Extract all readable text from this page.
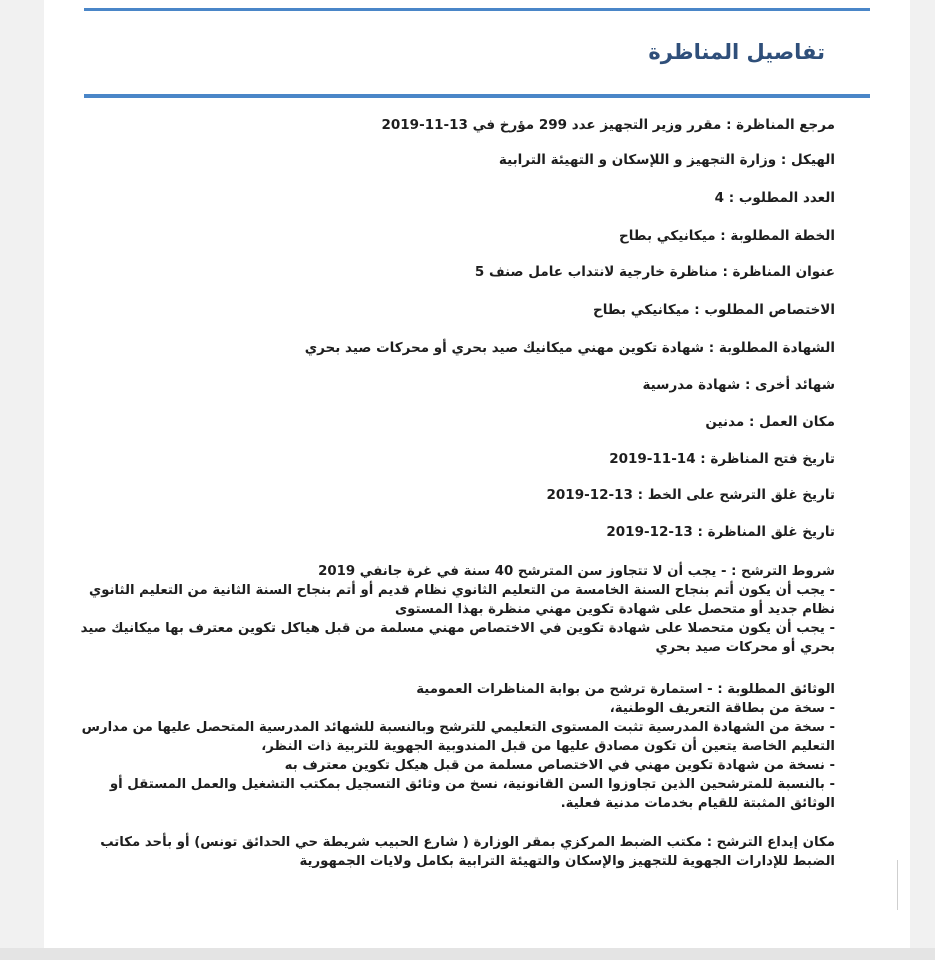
تفاصيل المناظرة
مرجع المناظرة : مقرر وزير التجهيز عدد 299 مؤرخ في 13-11-2019
الهيكل : وزارة التجهيز و اللإسكان و التهيئة الترابية
العدد المطلوب : 4
الخطة المطلوبة : ميكانيكي بطاح
عنوان المناظرة : مناظرة خارجية لانتداب عامل صنف 5
الاختصاص المطلوب : ميكانيكي بطاح
الشهادة المطلوبة : شهادة تكوين مهني ميكانيك صيد بحري أو محركات صيد بحري
شهائد أخرى : شهادة مدرسية
مكان العمل : مدنين
تاريخ فتح المناظرة : 14-11-2019
تاريخ غلق الترشح على الخط : 13-12-2019
تاريخ غلق المناظرة : 13-12-2019
شروط الترشح : - يجب أن لا تتجاوز سن المترشح 40 سنة في غرة جانفي 2019
- يجب أن يكون أتم بنجاح السنة الخامسة من التعليم الثانوي نظام قديم أو أتم بنجاح السنة الثانية من التعليم الثانوي نظام جديد أو متحصل على شهادة تكوين مهني منظرة بهذا المستوى
- يجب أن يكون متحصلا على شهادة تكوين في الاختصاص مهني مسلمة من قبل هياكل تكوين معترف بها ميكانيك صيد بحري أو محركات صيد بحري
الوثائق المطلوبة : - استمارة ترشح من بوابة المناظرات العمومية
- سخة من بطاقة التعريف الوطنية،
- سخة من الشهادة المدرسية تثبت المستوى التعليمي للترشح وبالنسبة للشهائد المدرسية المتحصل عليها من مدارس التعليم الخاصة يتعين أن تكون مصادق عليها من قبل المندوبية الجهوية للتربية ذات النظر،
- نسخة من شهادة تكوين مهني في الاختصاص مسلمة من قبل هيكل تكوين معترف به
- بالنسبة للمترشحين الذين تجاوزوا السن القانونية، نسخ من وثائق التسجيل بمكتب التشغيل والعمل المستقل أو الوثائق المثبتة للقيام بخدمات مدنية فعلية.
مكان إيداع الترشح : مكتب الضبط المركزي بمقر الوزارة ( شارع الحبيب شريطة حي الحدائق تونس) أو بأحد مكاتب الضبط للإدارات الجهوية للتجهيز والإسكان والتهيئة الترابية بكامل ولايات الجمهورية
